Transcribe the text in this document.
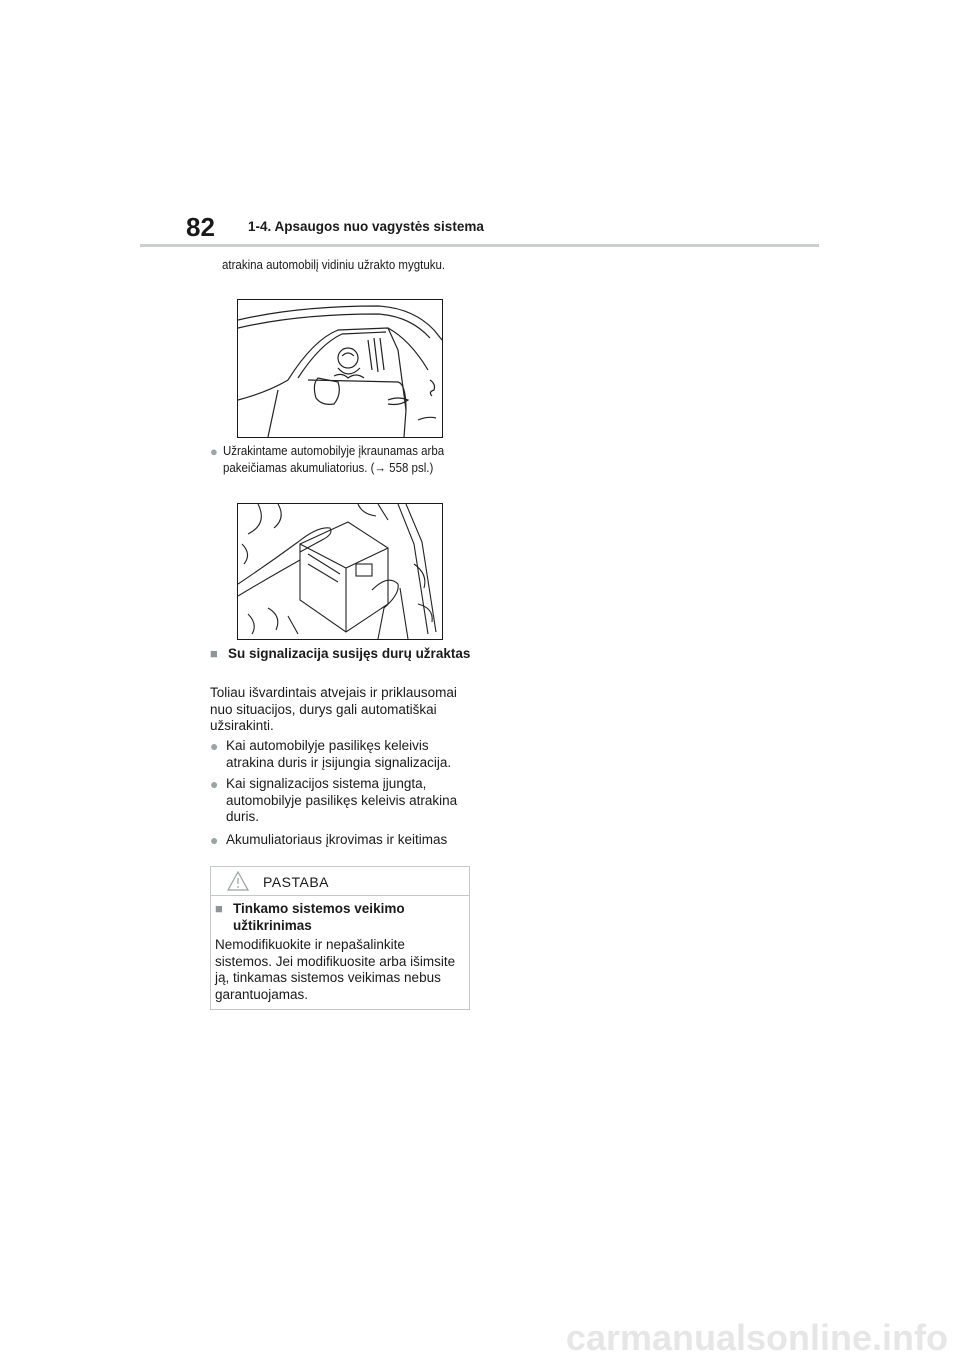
82 1-4. Apsaugos nuo vagystės sistema
atrakina automobilį vidiniu užrakto mygtuku.
● Užrakintame automobilyje įkraunamas arba pakeičiamas akumuliatorius. (→ 558 psl.)
■ Su signalizacija susijęs durų užraktas
Toliau išvardintais atvejais ir priklausomai nuo situacijos, durys gali automatiškai užsirakinti.
● Kai automobilyje pasilikęs keleivis atrakina duris ir įsijungia signalizacija.
● Kai signalizacijos sistema įjungta, automobilyje pasilikęs keleivis atrakina duris.
● Akumuliatoriaus įkrovimas ir keitimas
PASTABA
■ Tinkamo sistemos veikimo užtikrinimas
Nemodifikuokite ir nepašalinkite sistemos. Jei modifikuosite arba išimsite ją, tinkamas sistemos veikimas nebus garantuojamas.
carmanualsonline.info
